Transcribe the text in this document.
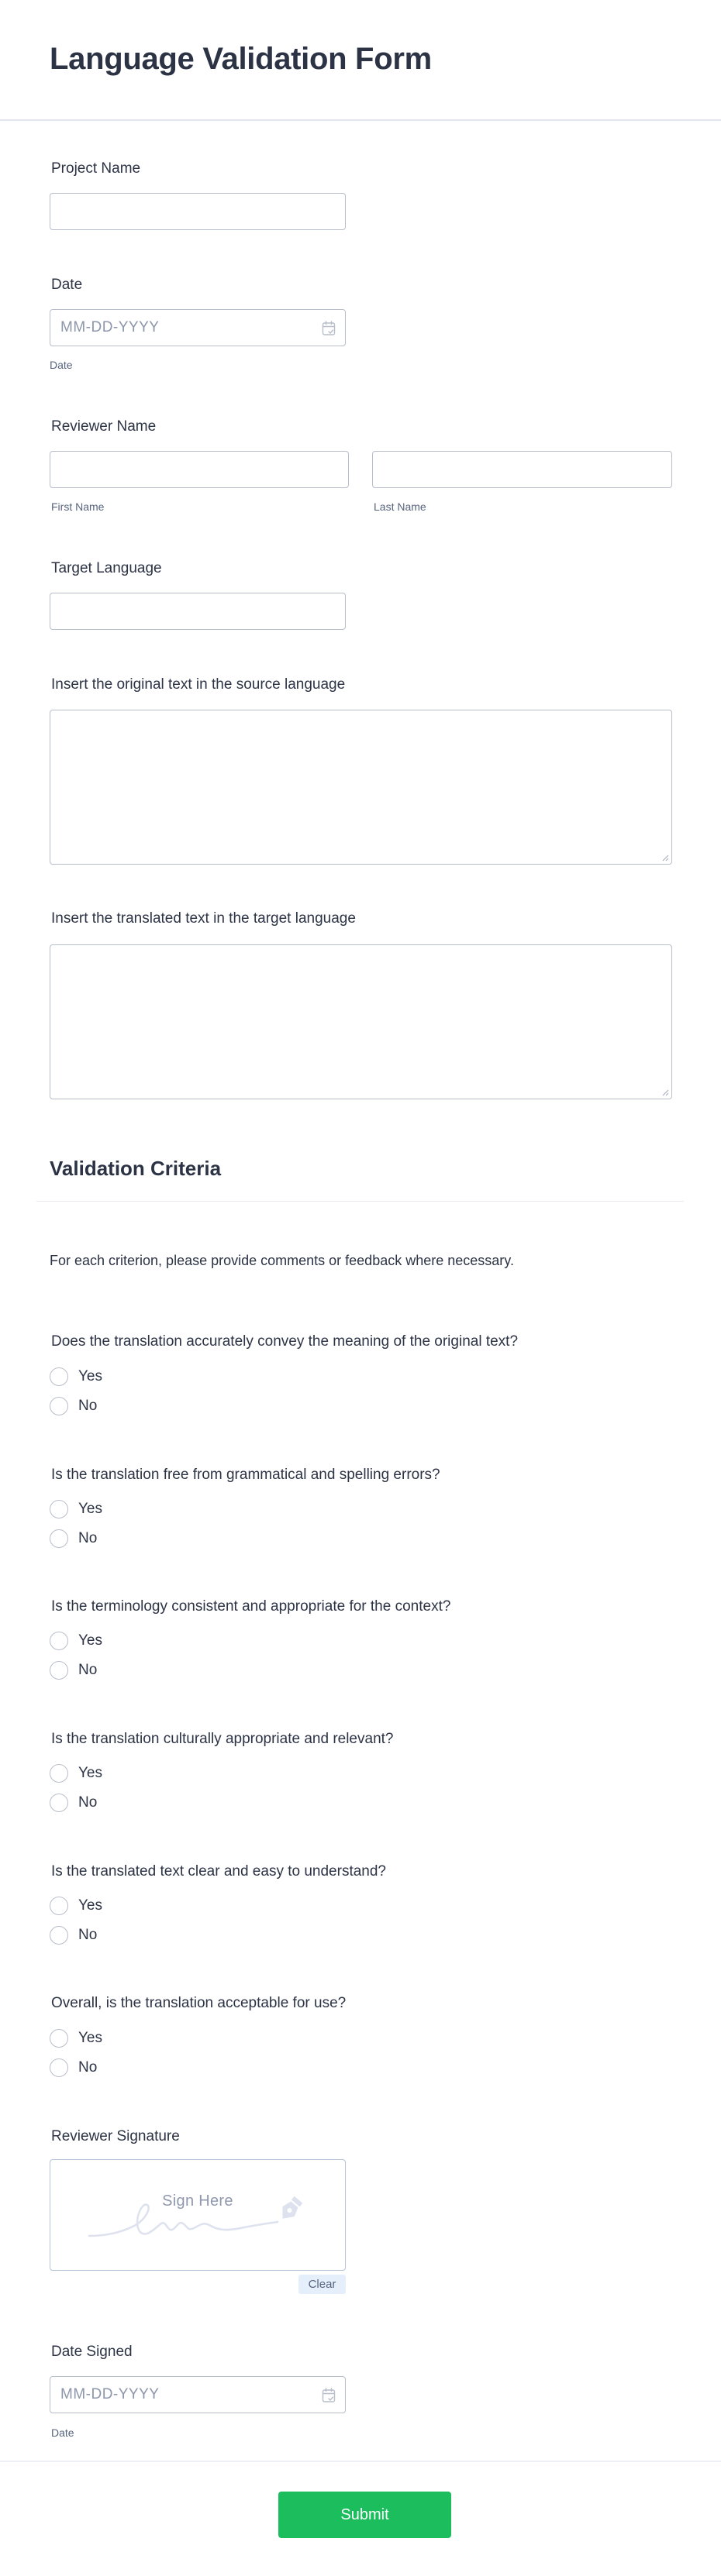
Language Validation Form
Project Name
Date
MM-DD-YYYY
Date
Reviewer Name
First Name	Last Name
Target Language
Insert the original text in the source language
Insert the translated text in the target language
Validation Criteria

For each criterion, please provide comments or feedback where necessary.

Does the translation accurately convey the meaning of the original text?
Yes
No
Is the translation free from grammatical and spelling errors?
Yes
No
Is the terminology consistent and appropriate for the context?
Yes
No
Is the translation culturally appropriate and relevant?
Yes
No
Is the translated text clear and easy to understand?
Yes
No
Overall, is the translation acceptable for use?
Yes
No
Reviewer Signature
Sign Here
Clear
Date Signed
MM-DD-YYYY
Date
Submit
